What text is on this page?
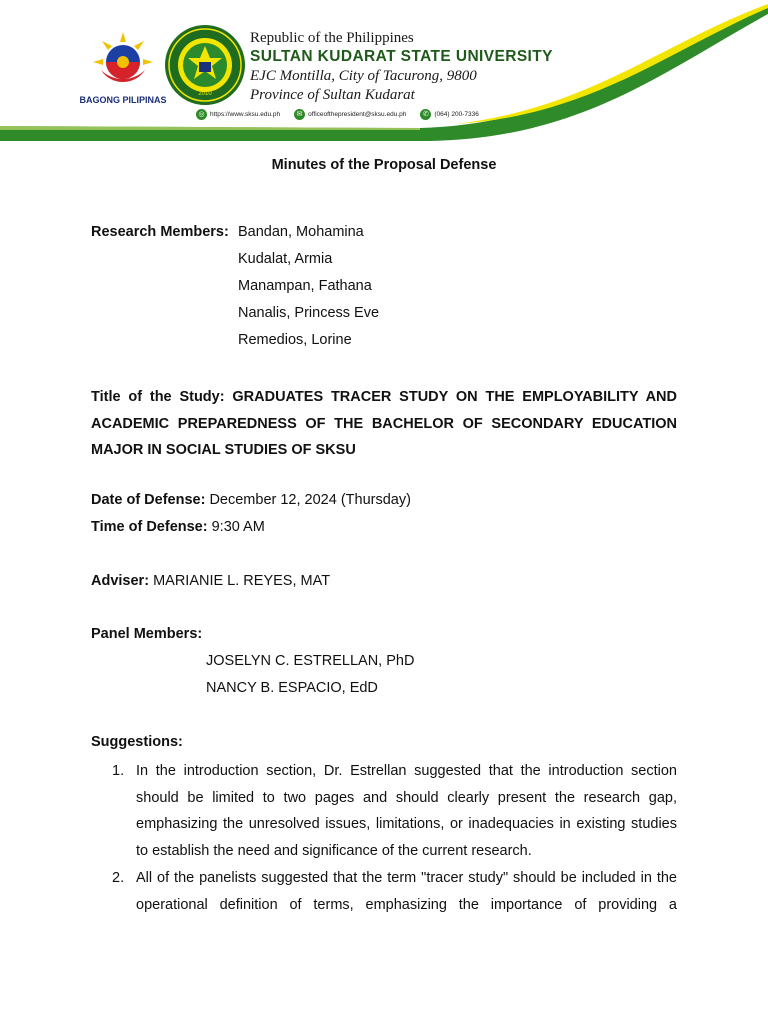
BAGONG PILIPINAS
2010
Republic of the Philippines
SULTAN KUDARAT STATE UNIVERSITY
EJC Montilla, City of Tacurong, 9800
Province of Sultan Kudarat
◎ https://www.sksu.edu.ph	✉ officeofthepresident@sksu.edu.ph	✆ (064) 200-7336
Minutes of the Proposal Defense
Research Members: Bandan, Mohamina
Kudalat, Armia
Manampan, Fathana
Nanalis, Princess Eve
Remedios, Lorine
Title of the Study: GRADUATES TRACER STUDY ON THE EMPLOYABILITY AND ACADEMIC PREPAREDNESS OF THE BACHELOR OF SECONDARY EDUCATION MAJOR IN SOCIAL STUDIES OF SKSU
Date of Defense: December 12, 2024 (Thursday)
Time of Defense: 9:30 AM
Adviser: MARIANIE L. REYES, MAT
Panel Members:
JOSELYN C. ESTRELLAN, PhD
NANCY B. ESPACIO, EdD
Suggestions:
1. In the introduction section, Dr. Estrellan suggested that the introduction section should be limited to two pages and should clearly present the research gap, emphasizing the unresolved issues, limitations, or inadequacies in existing studies to establish the need and significance of the current research.
2. All of the panelists suggested that the term "tracer study" should be included in the operational definition of terms, emphasizing the importance of providing a
